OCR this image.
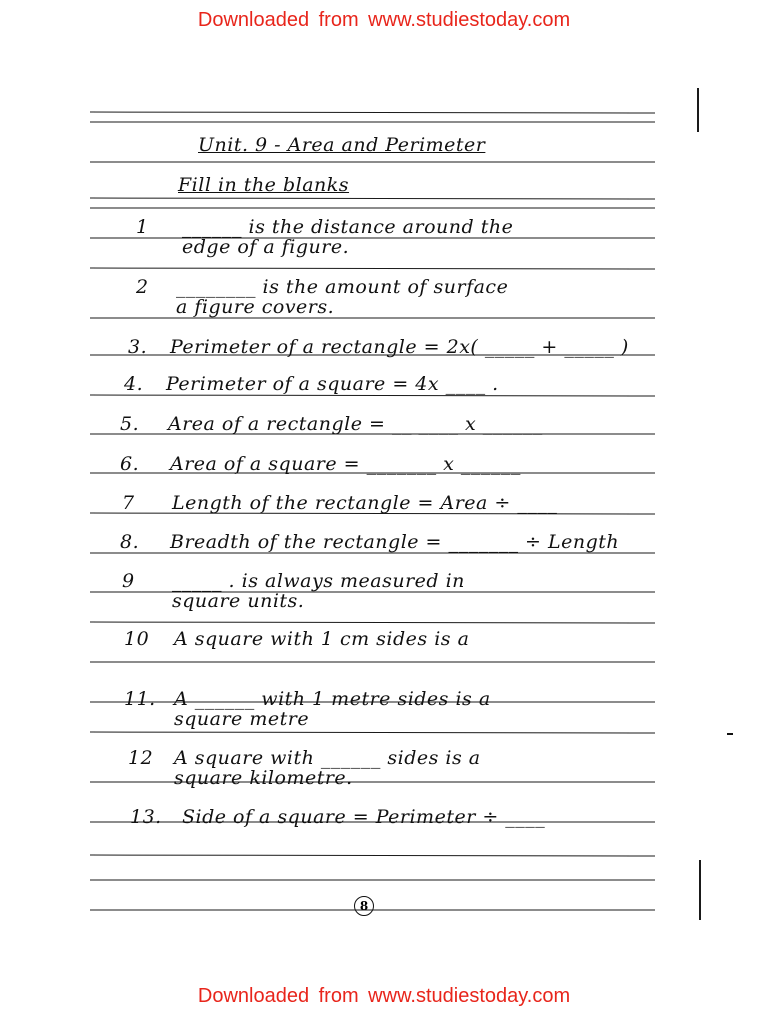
Downloaded from www.studiestoday.com
Unit. 9 - Area and Perimeter
Fill in the blanks
1 ______ is the distance around the
edge of a figure.
2 ________ is the amount of surface
a figure covers.
3. Perimeter of a rectangle = 2x( _____ + _____ )
4. Perimeter of a square = 4x ____ .
5. Area of a rectangle = __ ____ x ______
6. Area of a square = _______ x ______
7 Length of the rectangle = Area ÷ ____
8. Breadth of the rectangle = _______ ÷ Length
9 _____ . is always measured in
square units.
10 A square with 1 cm sides is a
11. A ______ with 1 metre sides is a
square metre
12 A square with ______ sides is a
square kilometre.
13. Side of a square = Perimeter ÷ ____
8
Downloaded from www.studiestoday.com
